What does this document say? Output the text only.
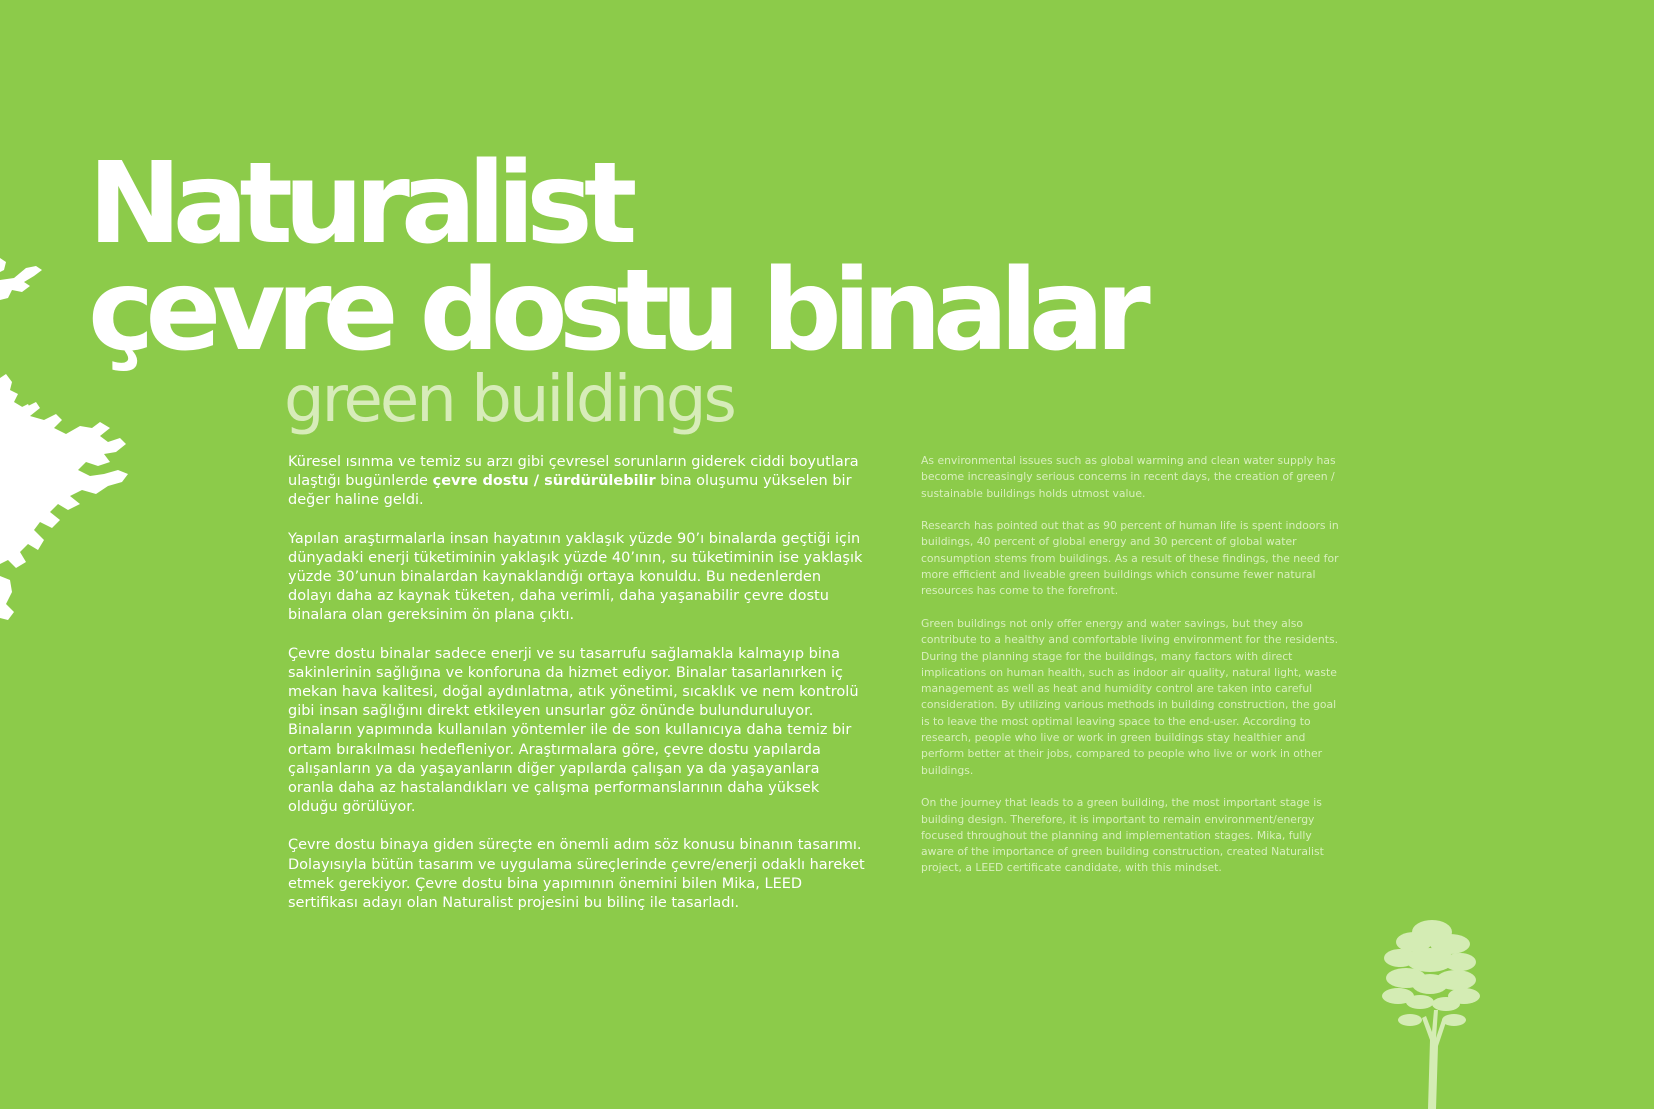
Naturalist
çevre dostu binalar
green buildings

Küresel ısınma ve temiz su arzı gibi çevresel sorunların giderek ciddi boyutlara ulaştığı bugünlerde çevre dostu / sürdürülebilir bina oluşumu yükselen bir değer haline geldi.

Yapılan araştırmalarla insan hayatının yaklaşık yüzde 90’ı binalarda geçtiği için dünyadaki enerji tüketiminin yaklaşık yüzde 40’ının, su tüketiminin ise yaklaşık yüzde 30’unun binalardan kaynaklandığı ortaya konuldu. Bu nedenlerden dolayı daha az kaynak tüketen, daha verimli, daha yaşanabilir çevre dostu binalara olan gereksinim ön plana çıktı.

Çevre dostu binalar sadece enerji ve su tasarrufu sağlamakla kalmayıp bina sakinlerinin sağlığına ve konforuna da hizmet ediyor. Binalar tasarlanırken iç mekan hava kalitesi, doğal aydınlatma, atık yönetimi, sıcaklık ve nem kontrolü gibi insan sağlığını direkt etkileyen unsurlar göz önünde bulunduruluyor. Binaların yapımında kullanılan yöntemler ile de son kullanıcıya daha temiz bir ortam bırakılması hedefleniyor. Araştırmalara göre, çevre dostu yapılarda çalışanların ya da yaşayanların diğer yapılarda çalışan ya da yaşayanlara oranla daha az hastalandıkları ve çalışma performanslarının daha yüksek olduğu görülüyor.

Çevre dostu binaya giden süreçte en önemli adım söz konusu binanın tasarımı. Dolayısıyla bütün tasarım ve uygulama süreçlerinde çevre/enerji odaklı hareket etmek gerekiyor. Çevre dostu bina yapımının önemini bilen Mika, LEED sertifikası adayı olan Naturalist projesini bu bilinç ile tasarladı.

As environmental issues such as global warming and clean water supply has become increasingly serious concerns in recent days, the creation of green / sustainable buildings holds utmost value.

Research has pointed out that as 90 percent of human life is spent indoors in buildings, 40 percent of global energy and 30 percent of global water consumption stems from buildings. As a result of these findings, the need for more efficient and liveable green buildings which consume fewer natural resources has come to the forefront.

Green buildings not only offer energy and water savings, but they also contribute to a healthy and comfortable living environment for the residents. During the planning stage for the buildings, many factors with direct implications on human health, such as indoor air quality, natural light, waste management as well as heat and humidity control are taken into careful consideration. By utilizing various methods in building construction, the goal is to leave the most optimal leaving space to the end-user. According to research, people who live or work in green buildings stay healthier and perform better at their jobs, compared to people who live or work in other buildings.

On the journey that leads to a green building, the most important stage is building design. Therefore, it is important to remain environment/energy focused throughout the planning and implementation stages. Mika, fully aware of the importance of green building construction, created Naturalist project, a LEED certificate candidate, with this mindset.
